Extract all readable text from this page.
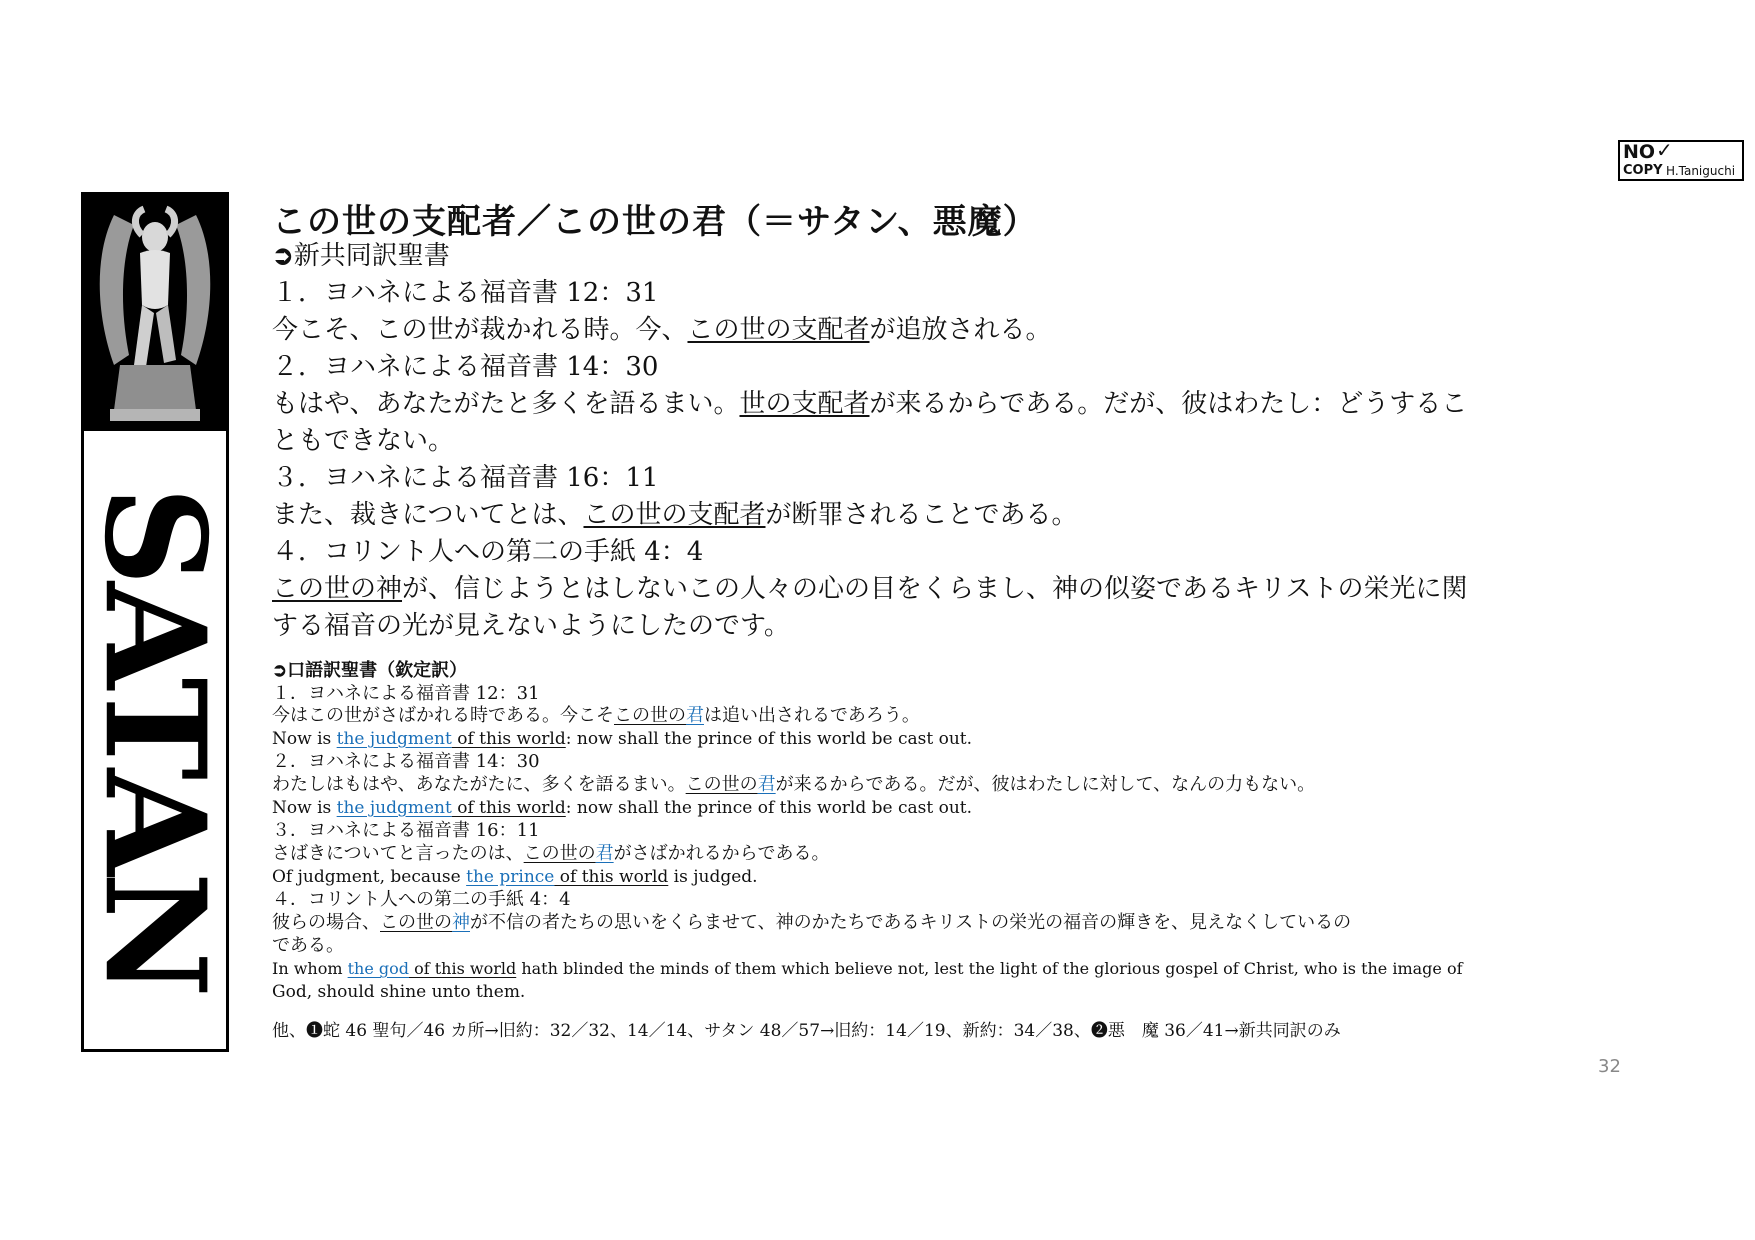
NO ✓
COPY H.Taniguchi
SATAN
この世の支配者／この世の君（＝サタン、悪魔）
➲新共同訳聖書
１．ヨハネによる福音書 12：31
今こそ、この世が裁かれる時。今、この世の支配者が追放される。
２．ヨハネによる福音書 14：30
もはや、あなたがたと多くを語るまい。世の支配者が来るからである。だが、彼はわたし：どうするこ
ともできない。
３．ヨハネによる福音書 16：11
また、裁きについてとは、この世の支配者が断罪されることである。
４．コリント人への第二の手紙 4：4
この世の神が、信じようとはしないこの人々の心の目をくらまし、神の似姿であるキリストの栄光に関
する福音の光が見えないようにしたのです。
➲口語訳聖書（欽定訳）
１．ヨハネによる福音書 12：31
今はこの世がさばかれる時である。今こそこの世の君は追い出されるであろう。
Now is the judgment of this world: now shall the prince of this world be cast out.
２．ヨハネによる福音書 14：30
わたしはもはや、あなたがたに、多くを語るまい。この世の君が来るからである。だが、彼はわたしに対して、なんの力もない。
Now is the judgment of this world: now shall the prince of this world be cast out.
３．ヨハネによる福音書 16：11
さばきについてと言ったのは、この世の君がさばかれるからである。
Of judgment, because the prince of this world is judged.
４．コリント人への第二の手紙 4：4
彼らの場合、この世の神が不信の者たちの思いをくらませて、神のかたちであるキリストの栄光の福音の輝きを、見えなくしているの
である。
In whom the god of this world hath blinded the minds of them which believe not, lest the light of the glorious gospel of Christ, who is the image of
God, should shine unto them.
他、❶蛇 46 聖句／46 カ所→旧約：32／32、14／14、サタン 48／57→旧約：14／19、新約：34／38、❷悪　魔 36／41→新共同訳のみ
32
